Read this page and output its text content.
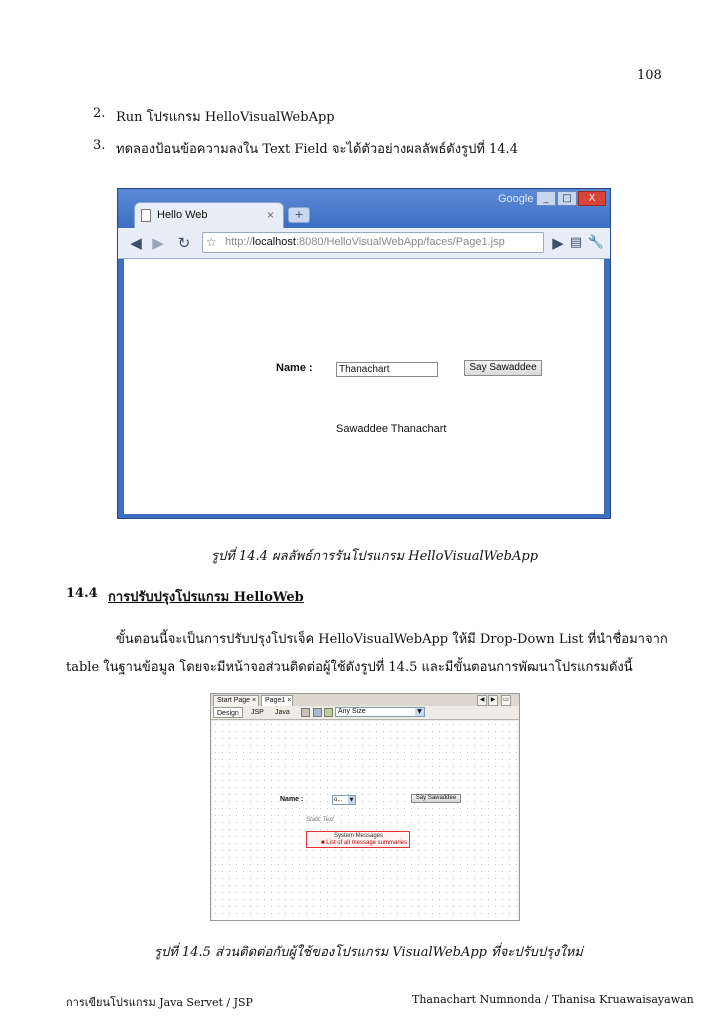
108
2. Run โปรแกรม HelloVisualWebApp
3. ทดลองป้อนข้อความลงใน Text Field จะได้ตัวอย่างผลลัพธ์ดังรูปที่ 14.4
Hello Web	×	+
Google	_	□	X
◀ ▶ ↻	☆ http://localhost:8080/HelloVisualWebApp/faces/Page1.jsp	▶ ▤ 🔧
Name :	Thanachart	Say Sawaddee
Sawaddee Thanachart
รูปที่ 14.4 ผลลัพธ์การรันโปรแกรม HelloVisualWebApp
14.4 การปรับปรุงโปรแกรม HelloWeb
ขั้นตอนนี้จะเป็นการปรับปรุงโปรเจ็ค HelloVisualWebApp ให้มี Drop-Down List ที่นำชื่อมาจาก
table ในฐานข้อมูล โดยจะมีหน้าจอส่วนติดต่อผู้ใช้ดังรูปที่ 14.5 และมีขั้นตอนการพัฒนาโปรแกรมดังนี้
Start Page ×	Page1 ×	◀	▶	▭
Design	JSP Java	Any Size	▼
Name :	o...	▼	Say Sawaddee
Static Text
System Messages
■ List of all message summaries
รูปที่ 14.5 ส่วนติดต่อกับผู้ใช้ของโปรแกรม VisualWebApp ที่จะปรับปรุงใหม่
การเขียนโปรแกรม Java Servet / JSP	Thanachart Numnonda / Thanisa Kruawaisayawan
